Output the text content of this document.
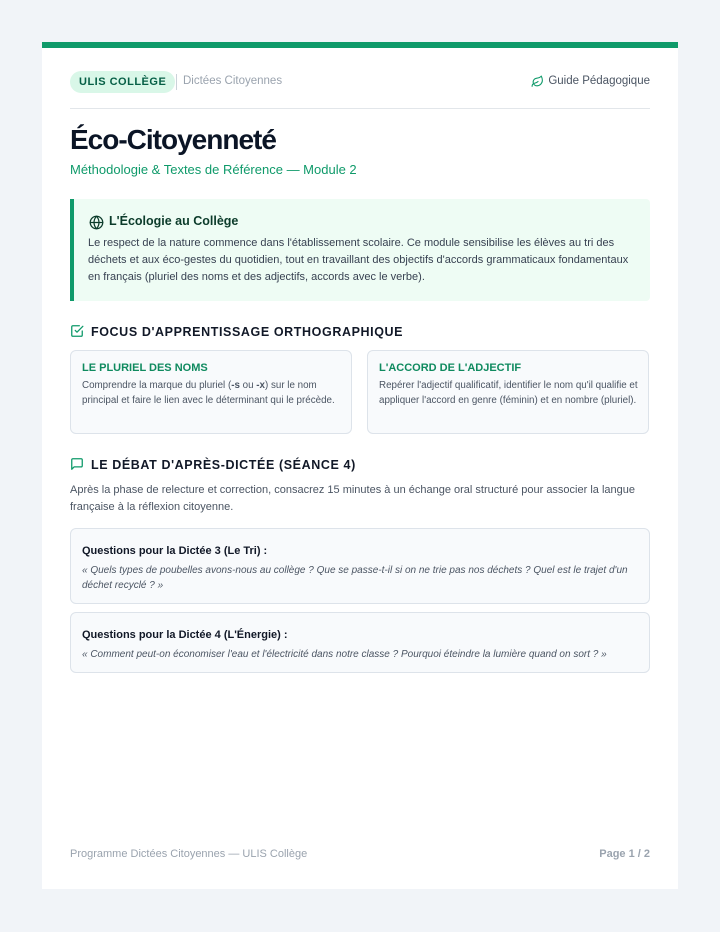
ULIS COLLÈGE	Dictées Citoyennes	Guide Pédagogique
Éco-Citoyenneté
Méthodologie & Textes de Référence — Module 2
L'Écologie au Collège
Le respect de la nature commence dans l'établissement scolaire. Ce module sensibilise les élèves au tri des déchets et aux éco-gestes du quotidien, tout en travaillant des objectifs d'accords grammaticaux fondamentaux en français (pluriel des noms et des adjectifs, accords avec le verbe).
FOCUS D'APPRENTISSAGE ORTHOGRAPHIQUE
LE PLURIEL DES NOMS
Comprendre la marque du pluriel (-s ou -x) sur le nom principal et faire le lien avec le déterminant qui le précède.
L'ACCORD DE L'ADJECTIF
Repérer l'adjectif qualificatif, identifier le nom qu'il qualifie et appliquer l'accord en genre (féminin) et en nombre (pluriel).
LE DÉBAT D'APRÈS-DICTÉE (SÉANCE 4)
Après la phase de relecture et correction, consacrez 15 minutes à un échange oral structuré pour associer la langue française à la réflexion citoyenne.
Questions pour la Dictée 3 (Le Tri) :
« Quels types de poubelles avons-nous au collège ? Que se passe-t-il si on ne trie pas nos déchets ? Quel est le trajet d'un déchet recyclé ? »
Questions pour la Dictée 4 (L'Énergie) :
« Comment peut-on économiser l'eau et l'électricité dans notre classe ? Pourquoi éteindre la lumière quand on sort ? »
Programme Dictées Citoyennes — ULIS Collège	Page 1 / 2
